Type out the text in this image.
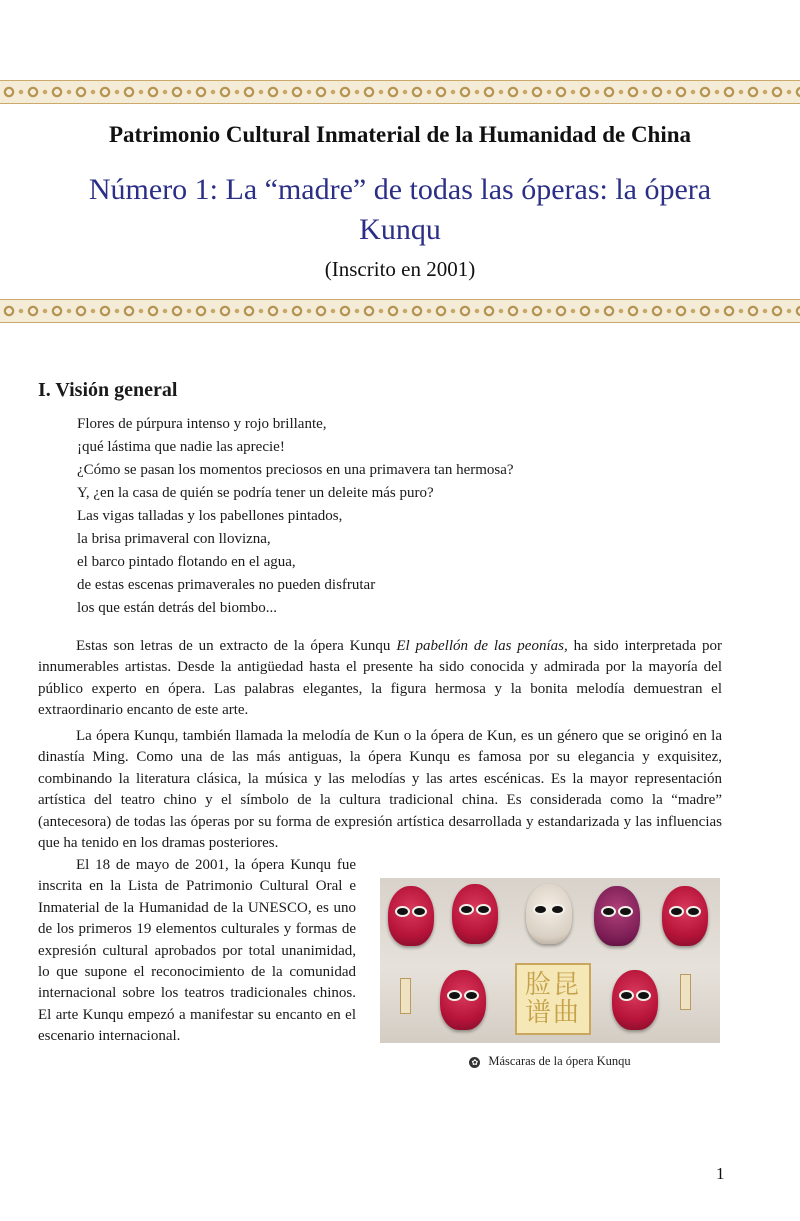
Patrimonio Cultural Inmaterial de la Humanidad de China
Número 1: La “madre” de todas las óperas: la ópera Kunqu
(Inscrito en 2001)
I. Visión general
Flores de púrpura intenso y rojo brillante,
¡qué lástima que nadie las aprecie!
¿Cómo se pasan los momentos preciosos en una primavera tan hermosa?
Y, ¿en la casa de quién se podría tener un deleite más puro?
Las vigas talladas y los pabellones pintados,
la brisa primaveral con llovizna,
el barco pintado flotando en el agua,
de estas escenas primaverales no pueden disfrutar
los que están detrás del biombo...

Estas son letras de un extracto de la ópera Kunqu El pabellón de las peonías, ha sido interpretada por innumerables artistas. Desde la antigüedad hasta el presente ha sido conocida y admirada por la mayoría del público experto en ópera. Las palabras elegantes, la figura hermosa y la bonita melodía demuestran el extraordinario encanto de este arte.

La ópera Kunqu, también llamada la melodía de Kun o la ópera de Kun, es un género que se originó en la dinastía Ming. Como una de las más antiguas, la ópera Kunqu es famosa por su elegancia y exquisitez, combinando la literatura clásica, la música y las melodías y las artes escénicas. Es la mayor representación artística del teatro chino y el símbolo de la cultura tradicional china. Es considerada como la “madre” (antecesora) de todas las óperas por su forma de expresión artística desarrollada y estandarizada y las influencias que ha tenido en los dramas posteriores.

El 18 de mayo de 2001, la ópera Kunqu fue inscrita en la Lista de Patrimonio Cultural Oral e Inmaterial de la Humanidad de la UNESCO, es uno de los primeros 19 elementos culturales y formas de expresión cultural aprobados por total unanimidad, lo que supone el reconocimiento de la comunidad internacional sobre los teatros tradicionales chinos. El arte Kunqu empezó a manifestar su encanto en el escenario internacional.

脸昆
谱曲
✿ Máscaras de la ópera Kunqu
1
